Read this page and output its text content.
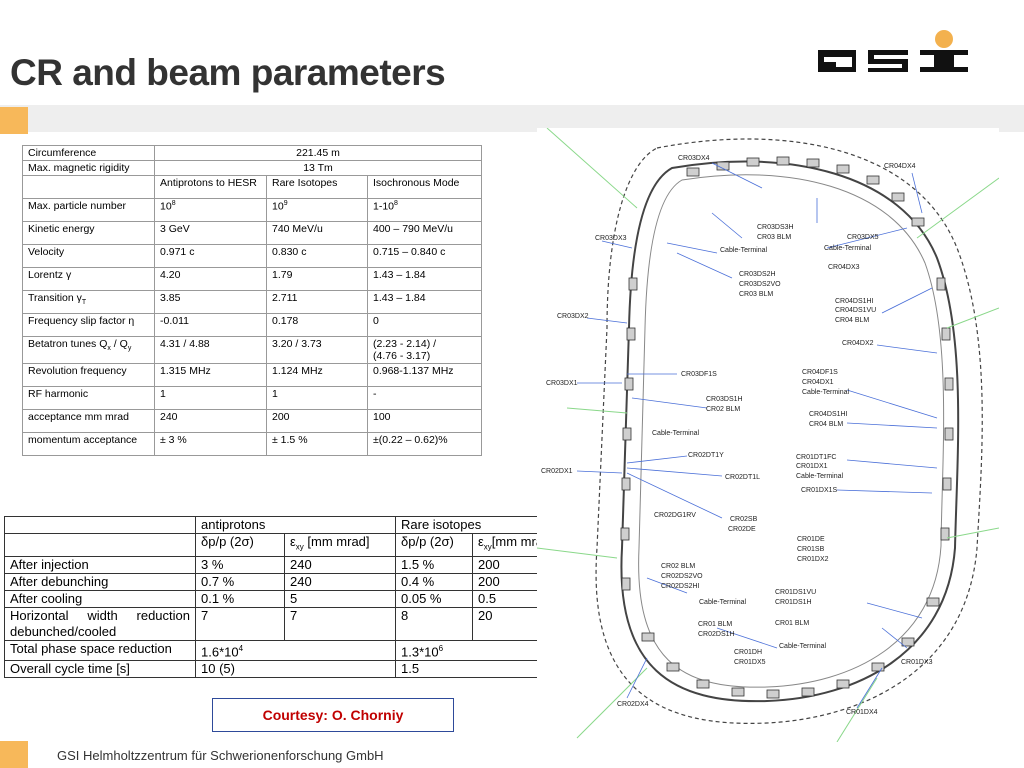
CR and beam parameters
Circumference	221.45 m		
Max. magnetic rigidity	13 Tm		
	Antiprotons to HESR	Rare Isotopes	Isochronous Mode
Max. particle number	$10^8$	$10^9$	$1-10^8$
Kinetic energy	3 GeV	740 MeV/u	400 – 790 MeV/u
Velocity	0.971 c	0.830 c	0.715 – 0.840 c
Lorentz γ	4.20	1.79	1.43 – 1.84
Transition $\gamma_T$	3.85	2.711	1.43 – 1.84
Frequency slip factor η	-0.011	0.178	0
Betatron tunes $Q_x / Q_y$	4.31 / 4.88	3.20 / 3.73	(2.23 - 2.14) /
(4.76 - 3.17)
Revolution frequency	1.315 MHz	1.124 MHz	0.968-1.137 MHz
RF harmonic	1	1	-
acceptance mm mrad	240	200	100
momentum acceptance	± 3 %	± 1.5 %	±(0.22 – 0.62)%
	antiprotons		Rare isotopes	
	δp/p (2σ)	$\varepsilon_{xy}$ [mm mrad]	δp/p (2σ)	$\varepsilon_{xy}[mm$ mrad]
After injection	3 %	240	1.5 %	200
After debunching	0.7 %	240	0.4 %	200
After cooling	0.1 %	5	0.05 %	0.5
Horizontal width reduction debunched/cooled	7	7	8	20
Total phase space reduction	$1.6*10^4$		$1.3*10^6$
Overall cycle time [s]	10 (5)		1.5	
Courtesy: O. Chorniy
CR03DX4
CR04DX4
CR03DS3H
CR03 BLM	CR03DX5
Cable-Terminal
CR03DX3
Cable-Terminal
CR04DX3
CR03DS2H
CR03DS2VO
CR03 BLM
CR04DS1HI
CR04DS1VU
CR04 BLM
CR03DX2
CR04DX2
CR03DF1S	CR04DF1S
CR04DX1
Cable-Terminal
CR03DX1
CR03DS1H
CR02 BLM
CR04DS1HI
CR04 BLM
Cable-Terminal
CR02DT1Y	CR01DT1FC
CR01DX1
Cable-Terminal
CR02DX1
CR02DT1L
CR01DX1S
CR02DG1RV
CR02SB
CR02DE
CR01DE
CR01SB
CR01DX2
CR02 BLM
CR02DS2VO
CR02DS2HI
CR01DS1VU
CR01DS1H
Cable-Terminal
CR01 BLM
CR01 BLM
CR02DS1H
Cable-Terminal
CR01DH
CR01DX5	CR01DX3
CR02DX4
CR01DX4
GSI Helmholtzzentrum für Schwerionenforschung GmbH
